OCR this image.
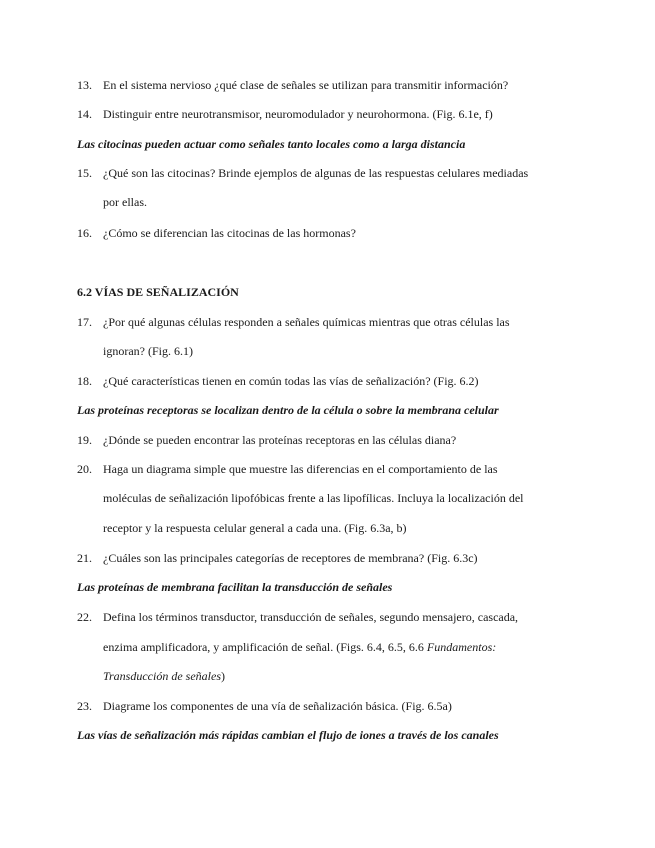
13. En el sistema nervioso ¿qué clase de señales se utilizan para transmitir información?
14. Distinguir entre neurotransmisor, neuromodulador y neurohormona. (Fig. 6.1e, f)
Las citocinas pueden actuar como señales tanto locales como a larga distancia
15. ¿Qué son las citocinas? Brinde ejemplos de algunas de las respuestas celulares mediadas
por ellas.
16. ¿Cómo se diferencian las citocinas de las hormonas?
6.2 VÍAS DE SEÑALIZACIÓN
17. ¿Por qué algunas células responden a señales químicas mientras que otras células las
ignoran? (Fig. 6.1)
18. ¿Qué características tienen en común todas las vías de señalización? (Fig. 6.2)
Las proteínas receptoras se localizan dentro de la célula o sobre la membrana celular
19. ¿Dónde se pueden encontrar las proteínas receptoras en las células diana?
20. Haga un diagrama simple que muestre las diferencias en el comportamiento de las
moléculas de señalización lipofóbicas frente a las lipofílicas. Incluya la localización del
receptor y la respuesta celular general a cada una. (Fig. 6.3a, b)
21. ¿Cuáles son las principales categorías de receptores de membrana? (Fig. 6.3c)
Las proteínas de membrana facilitan la transducción de señales
22. Defina los términos transductor, transducción de señales, segundo mensajero, cascada,
enzima amplificadora, y amplificación de señal. (Figs. 6.4, 6.5, 6.6 Fundamentos:
Transducción de señales)
23. Diagrame los componentes de una vía de señalización básica. (Fig. 6.5a)
Las vías de señalización más rápidas cambian el flujo de iones a través de los canales
